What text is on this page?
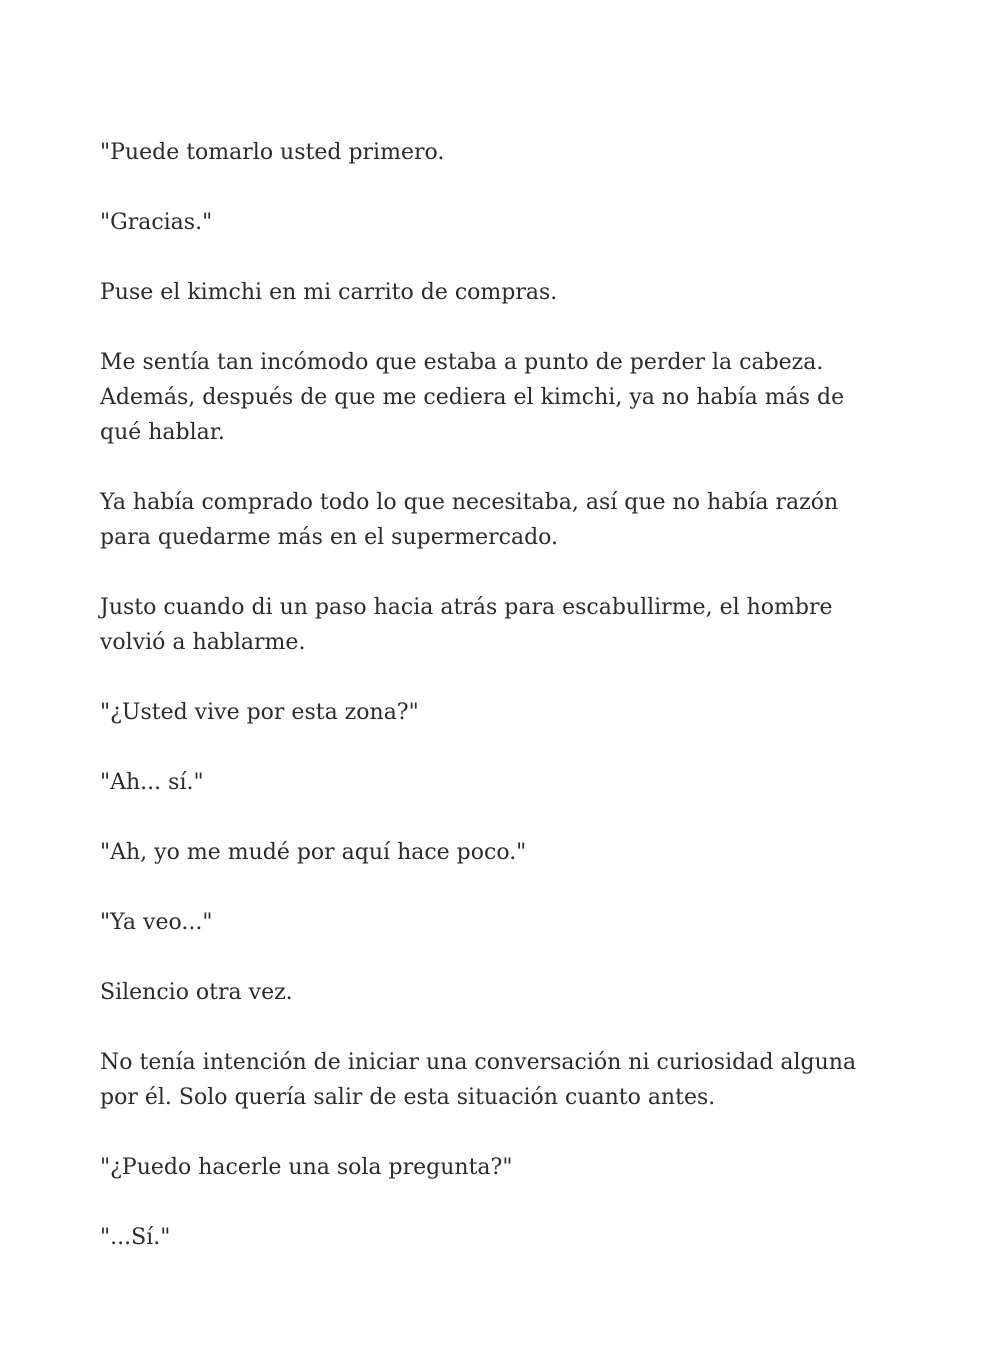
"Puede tomarlo usted primero.

"Gracias."

Puse el kimchi en mi carrito de compras.

Me sentía tan incómodo que estaba a punto de perder la cabeza. Además, después de que me cediera el kimchi, ya no había más de qué hablar.

Ya había comprado todo lo que necesitaba, así que no había razón para quedarme más en el supermercado.

Justo cuando di un paso hacia atrás para escabullirme, el hombre volvió a hablarme.

"¿Usted vive por esta zona?"

"Ah... sí."

"Ah, yo me mudé por aquí hace poco."

"Ya veo..."

Silencio otra vez.

No tenía intención de iniciar una conversación ni curiosidad alguna por él. Solo quería salir de esta situación cuanto antes.

"¿Puedo hacerle una sola pregunta?"

"...Sí."
